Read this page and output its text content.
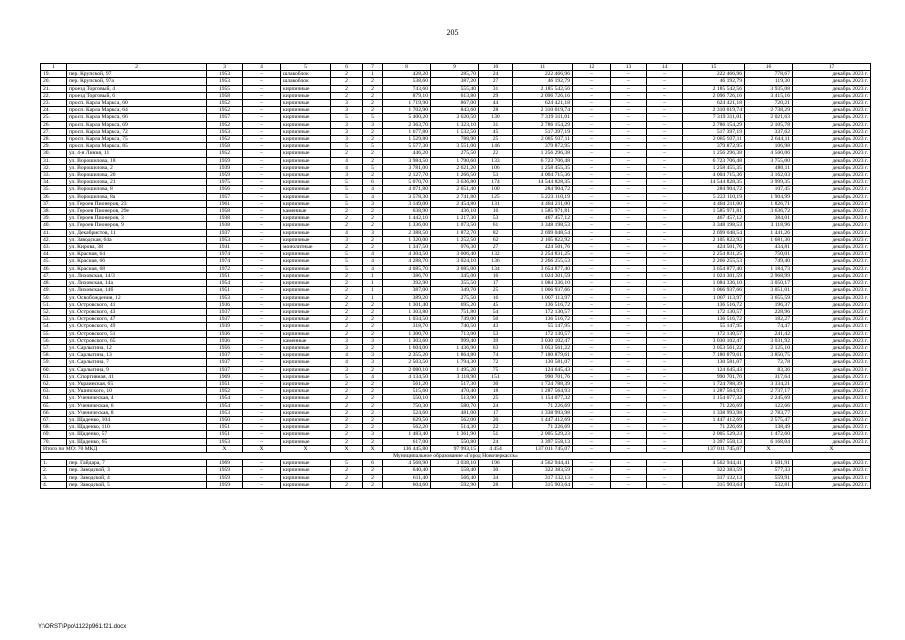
205
1	2	3	4	5	6	7	8	9	10	11	12	13	14	15	16	17
19.	пер. Крупской, 97	1953	–	шлакоблок	2	1	428,20	285,70	24	222 466,96	–	–	–	222 466,96	778,67	декабрь 2023 г.
20.	пер. Крупской, 97а	1953	–	шлакоблок	2	2	538,60	387,20	27	46 192,79	–	–	–	46 192,79	119,30	декабрь 2023 г.
21.	проезд Торговый, 4	1955	–	кирпичные	2	2	743,60	555,40	31	2 185 542,56	–	–	–	2 185 542,56	3 935,08	декабрь 2023 г.
22.	проезд Торговый, 6	1958	–	кирпичные	2	2	879,10	613,80	29	2 096 726,16	–	–	–	2 096 726,16	3 415,16	декабрь 2023 г.
23.	просп. Карла Маркса, 60	1952	–	кирпичные	3	2	1 719,90	867,00	44	624 421,18	–	–	–	624 421,18	720,21	декабрь 2023 г.
24.	просп. Карла Маркса, 64	1952	–	кирпичные	3	2	1 702,90	843,60	28	2 310 019,74	–	–	–	2 310 019,74	2 738,29	декабрь 2023 г.
25.	просп. Карла Маркса, 66	1957	–	кирпичные	5	5	5 400,20	3 620,50	130	7 319 311,01	–	–	–	7 319 311,01	2 021,63	декабрь 2023 г.
26.	просп. Карла Маркса, 69	1952	–	кирпичные	3	3	2 363,70	1 323,10	31	2 786 154,29	–	–	–	2 786 154,29	2 105,78	декабрь 2023 г.
27.	просп. Карла Маркса, 72	1953	–	кирпичные	3	2	1 677,80	1 532,50	45	517 397,19	–	–	–	517 397,19	337,62	декабрь 2023 г.
28.	просп. Карла Маркса, 75	1952	–	кирпичные	3	2	1 529,80	788,90	25	2 085 937,11	–	–	–	2 085 937,11	2 644,11	декабрь 2023 г.
29.	просп. Карла Маркса, 85	1958	–	кирпичные	5	5	5 577,30	3 551,00	146	379 872,95	–	–	–	379 872,95	106,98	декабрь 2023 г.
30.	ул. 4-я Линия, 11	1952	–	кирпичные	2	2	446,20	275,50	22	1 256 296,38	–	–	–	1 256 296,38	4 560,06	декабрь 2023 г.
31.	ул. Ворошилова, 18	1959	–	кирпичные	4	2	3 984,50	1 790,60	133	6 723 706,48	–	–	–	6 723 706,48	3 755,00	декабрь 2023 г.
32.	ул. Ворошилова, 2	1939	–	кирпичные	4	5	3 781,00	2 621,20	106	1 258 455,35	–	–	–	1 258 455,35	480,11	декабрь 2023 г.
33.	ул. Ворошилова, 20	1959	–	кирпичные	3	2	2 127,70	1 266,50	53	4 004 715,36	–	–	–	4 004 715,36	3 162,03	декабрь 2023 г.
34.	ул. Ворошилова, 21	1975	–	кирпичные	5	6	5 070,70	3 636,80	174	14 544 828,35	–	–	–	14 544 828,35	3 999,35	декабрь 2023 г.
35.	ул. Ворошилова, 8	1956	–	кирпичные	5	4	4 071,80	2 651,40	100	284 904,72	–	–	–	284 904,72	107,45	декабрь 2023 г.
36.	ул. Ворошилова, 8а	1957	–	кирпичные	5	4	3 578,30	2 741,80	125	5 223 110,19	–	–	–	5 223 110,19	1 904,99	декабрь 2023 г.
37.	ул. Героев Пионеров, 23	1961	–	кирпичные	5	3	3 149,00	2 454,80	131	4 484 211,00	–	–	–	4 484 211,00	1 826,71	декабрь 2023 г.
38.	ул. Героев Пионеров, 29е	1958	–	каменные	2	2	638,90	436,10	16	1 585 971,81	–	–	–	1 585 971,81	3 636,72	декабрь 2023 г.
39.	ул. Героев Пионеров, 3	1938	–	кирпичные	2	2	1 442,10	1 217,30	53	467 457,12	–	–	–	467 457,12	384,01	декабрь 2023 г.
40.	ул. Героев Пионеров, 9	1938	–	кирпичные	2	2	1 336,00	1 073,50	61	3 348 198,53	–	–	–	3 348 198,53	3 118,96	декабрь 2023 г.
41.	ул. Декабристов, 11	1937	–	кирпичные	4	3	2 388,50	1 872,70	82	2 699 048,54	–	–	–	2 699 048,54	1 441,26	декабрь 2023 г.
42.	ул. Заводская, 64а	1953	–	кирпичные	3	2	1 320,00	1 252,50	62	2 105 822,92	–	–	–	2 105 822,92	1 681,30	декабрь 2023 г.
43.	ул. Кирова, 38	1941	–	монолитные	2	2	1 347,50	976,30	27	424 501,76	–	–	–	424 501,76	434,81	декабрь 2023 г.
44.	ул. Красная, 64	1974	–	кирпичные	5	4	4 304,50	3 006,40	132	2 254 831,25	–	–	–	2 254 831,25	750,01	декабрь 2023 г.
45.	ул. Красная, 66	1974	–	кирпичные	5	4	4 288,70	3 024,10	136	2 266 255,53	–	–	–	2 266 255,53	749,40	декабрь 2023 г.
46.	ул. Красная, 68	1972	–	кирпичные	5	4	4 085,70	3 085,00	134	3 654 877,40	–	–	–	3 654 877,40	1 184,73	декабрь 2023 г.
47.	ул. Лиховская, 14/3	1951	–	кирпичные	2	1	386,70	345,00	16	1 024 301,59	–	–	–	1 024 301,59	2 968,99	декабрь 2023 г.
48.	ул. Лиховская, 14а	1954	–	кирпичные	2	1	392,90	355,50	17	1 084 336,10	–	–	–	1 084 336,10	3 050,17	декабрь 2023 г.
49.	ул. Лиховская, 14б	1951	–	кирпичные	2	1	387,00	349,70	25	1 066 937,66	–	–	–	1 066 937,66	3 051,01	декабрь 2023 г.
50.	ул. Освобождения, 12	1953	–	кирпичные	2	1	389,20	275,50	16	1 007 113,97	–	–	–	1 007 113,97	3 655,59	декабрь 2023 г.
51.	ул. Островского, 41	1936	–	кирпичные	2	2	1 301,40	695,20	45	136 516,72	–	–	–	136 516,72	196,37	декабрь 2023 г.
52.	ул. Островского, 43	1937	–	кирпичные	2	2	1 303,80	751,80	54	172 130,57	–	–	–	172 130,57	228,96	декабрь 2023 г.
53.	ул. Островского, 47	1937	–	кирпичные	2	2	1 034,50	749,00	50	136 516,72	–	–	–	136 516,72	182,27	декабрь 2023 г.
54.	ул. Островского, 49	1939	–	кирпичные	2	2	318,70	740,50	43	55 147,95	–	–	–	55 147,95	74,47	декабрь 2023 г.
55.	ул. Островского, 51	1936	–	кирпичные	2	2	1 300,70	713,00	53	172 130,57	–	–	–	172 130,57	241,42	декабрь 2023 г.
56.	ул. Островского, 65	1936	–	каменные	3	3	1 303,60	999,40	39	3 030 102,47	–	–	–	3 030 102,47	3 031,92	декабрь 2023 г.
57.	ул. Сарлыгина, 12	1956	–	кирпичные	3	2	1 604,00	1 436,90	63	3 053 561,22	–	–	–	3 053 561,22	2 125,10	декабрь 2023 г.
58.	ул. Сарлыгина, 13	1937	–	кирпичные	4	3	2 355,20	1 864,80	74	7 180 879,61	–	–	–	7 180 879,61	3 850,75	декабрь 2023 г.
59.	ул. Сарлыгина, 7	1937	–	кирпичные	4	3	2 503,50	1 794,30	72	130 581,07	–	–	–	130 581,07	72,78	декабрь 2023 г.
60.	ул. Сарлыгина, 9	1937	–	кирпичные	3	2	2 080,10	1 495,20	75	124 645,43	–	–	–	124 645,43	83,36	декабрь 2023 г.
61.	ул. Спортивная, 41	1969	–	кирпичные	5	4	4 134,50	3 118,90	151	990 701,76	–	–	–	990 701,76	317,64	декабрь 2023 г.
62.	ул. Украинская, 65	1951	–	кирпичные	2	2	561,20	517,30	30	1 724 788,39	–	–	–	1 724 788,39	3 334,21	декабрь 2023 г.
63.	ул. Ушинского, 10	1952	–	кирпичные	2	2	515,60	470,40	18	1 287 564,93	–	–	–	1 287 564,93	2 737,17	декабрь 2023 г.
64.	ул. Ученическая, 4	1954	–	кирпичные	2	2	550,10	513,90	25	1 154 077,32	–	–	–	1 154 077,32	2 245,69	декабрь 2023 г.
65.	ул. Ученическая, 6	1954	–	кирпичные	2	2	750,30	580,70	24	71 226,69	–	–	–	71 226,69	122,66	декабрь 2023 г.
66.	ул. Ученическая, 8	1953	–	кирпичные	2	2	524,60	481,00	17	1 338 993,98	–	–	–	1 338 993,98	2 783,77	декабрь 2023 г.
67.	ул. Щаденко, 104	1950	–	кирпичные	2	2	629,50	562,00	20	1 447 412,69	–	–	–	1 447 412,69	2 575,47	декабрь 2023 г.
68.	ул. Щаденко, 110	1951	–	кирпичные	2	2	562,20	514,30	22	71 226,69	–	–	–	71 226,69	138,49	декабрь 2023 г.
69.	ул. Щаденко, 57	1951	–	кирпичные	2	3	1 483,40	1 361,90	51	2 005 529,23	–	–	–	2 005 529,23	1 472,60	декабрь 2023 г.
70.	ул. Щаденко, 65	1953	–	кирпичные	2	2	617,00	550,80	24	3 397 558,13	–	–	–	3 397 558,13	6 168,04	декабрь 2023 г.
Итого по МО: 70 МКД		X	X	X	X	X	136 445,80	97 993,15	4 454	137 011 745,07	–	–	–	137 011 745,07	X	X
Муниципальное образование «Город Новочеркасск»																
1.	пер. Гайдара, 7	1969	–	кирпичные	5	6	4 568,90	3 038,10	196	4 562 944,41	–	–	–	4 562 944,41	1 501,91	декабрь 2023 г.
2.	пер. Заводской, 3	1959	–	кирпичные	2	2	640,40	558,40	30	322 383,59	–	–	–	322 383,59	577,33	декабрь 2023 г.
3.	пер. Заводской, 4	1959	–	кирпичные	2	2	611,40	566,40	34	317 132,13	–	–	–	317 132,13	559,91	декабрь 2023 г.
4.	пер. Заводской, 5	1959	–	кирпичные	2	2	604,60	592,90	28	315 903,64	–	–	–	315 903,64	532,81	декабрь 2023 г.
Y:\ORST\Ppo\1122p961.f21.docx
